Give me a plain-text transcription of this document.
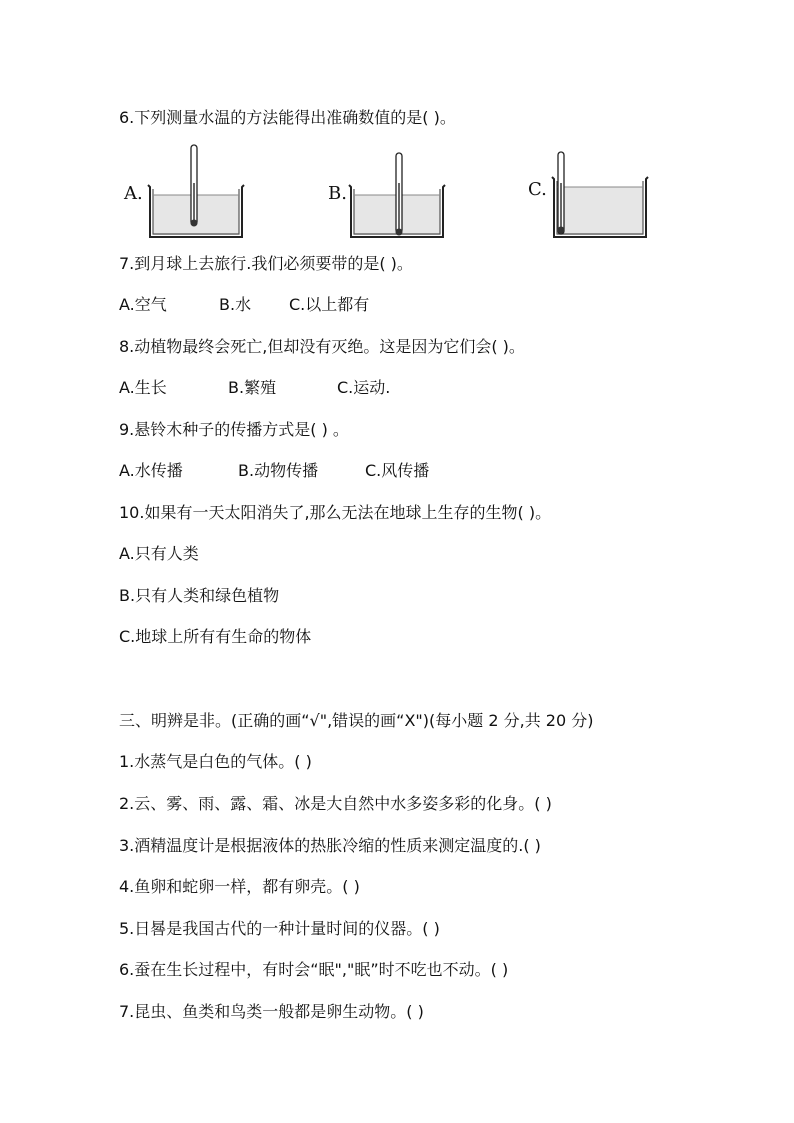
6.下列测量水温的方法能得出准确数值的是( )。
A.	B.	C.
7.到月球上去旅行.我们必须要带的是( )。
A.空气	B.水 C.以上都有
8.动植物最终会死亡,但却没有灭绝。这是因为它们会( )。
A.生长	B.繁殖	C.运动.
9.悬铃木种子的传播方式是( ) 。
A.水传播	B.动物传播	C.风传播
10.如果有一天太阳消失了,那么无法在地球上生存的生物( )。
A.只有人类
B.只有人类和绿色植物
C.地球上所有有生命的物体
三、明辨是非。(正确的画“√",错误的画“X")(每小题 2 分,共 20 分)
1.水蒸气是白色的气体。( )
2.云、雾、雨、露、霜、冰是大自然中水多姿多彩的化身。( )
3.酒精温度计是根据液体的热胀冷缩的性质来测定温度的.( )
4.鱼卵和蛇卵一样，都有卵壳。( )
5.日晷是我国古代的一种计量时间的仪器。( )
6.蚕在生长过程中，有时会“眠","眠”时不吃也不动。( )
7.昆虫、鱼类和鸟类一般都是卵生动物。( )
